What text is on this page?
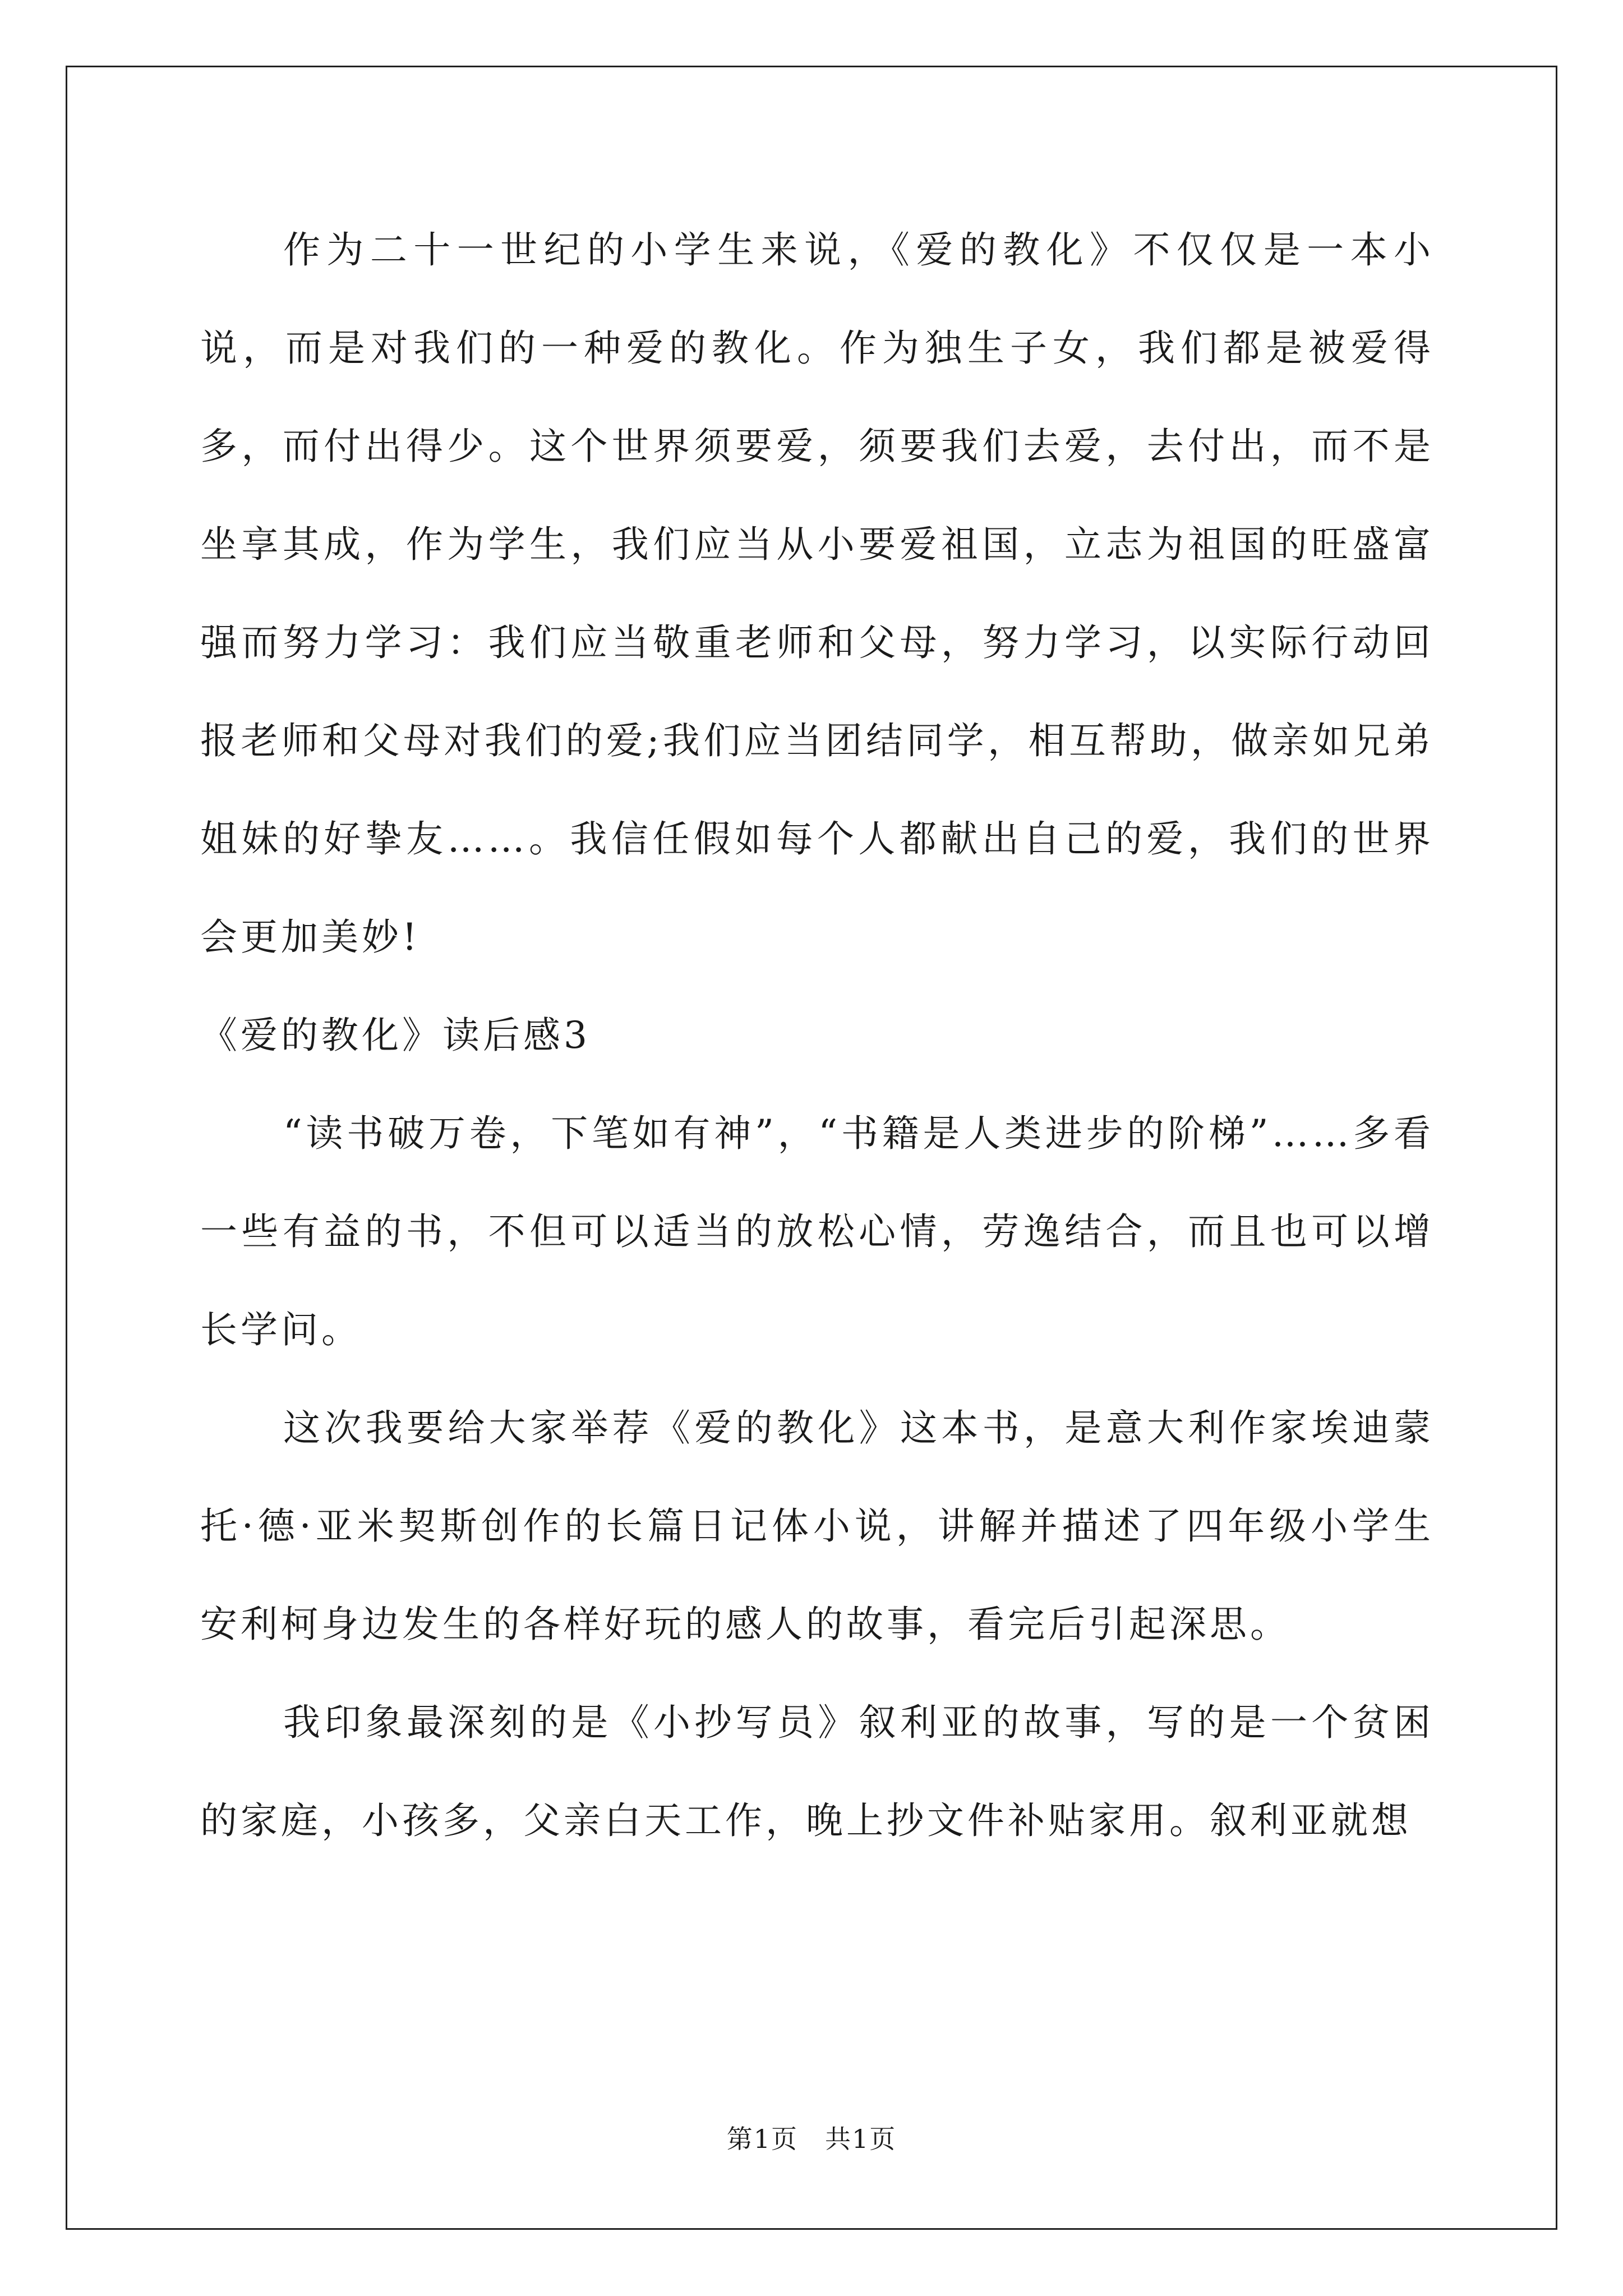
作为二十一世纪的小学生来说，《爱的教化》不仅仅是一本小说，而是对我们的一种爱的教化。作为独生子女，我们都是被爱得多，而付出得少。这个世界须要爱，须要我们去爱，去付出，而不是坐享其成，作为学生，我们应当从小要爱祖国，立志为祖国的旺盛富强而努力学习：我们应当敬重老师和父母，努力学习，以实际行动回报老师和父母对我们的爱;我们应当团结同学，相互帮助，做亲如兄弟姐妹的好挚友……。我信任假如每个人都献出自己的爱，我们的世界会更加美妙!

《爱的教化》读后感3

“读书破万卷，下笔如有神”，“书籍是人类进步的阶梯”……多看一些有益的书，不但可以适当的放松心情，劳逸结合，而且也可以增长学问。

这次我要给大家举荐《爱的教化》这本书，是意大利作家埃迪蒙托·德·亚米契斯创作的长篇日记体小说，讲解并描述了四年级小学生安利柯身边发生的各样好玩的感人的故事，看完后引起深思。

我印象最深刻的是《小抄写员》叙利亚的故事，写的是一个贫困的家庭，小孩多，父亲白天工作，晚上抄文件补贴家用。叙利亚就想

第1页 共1页
